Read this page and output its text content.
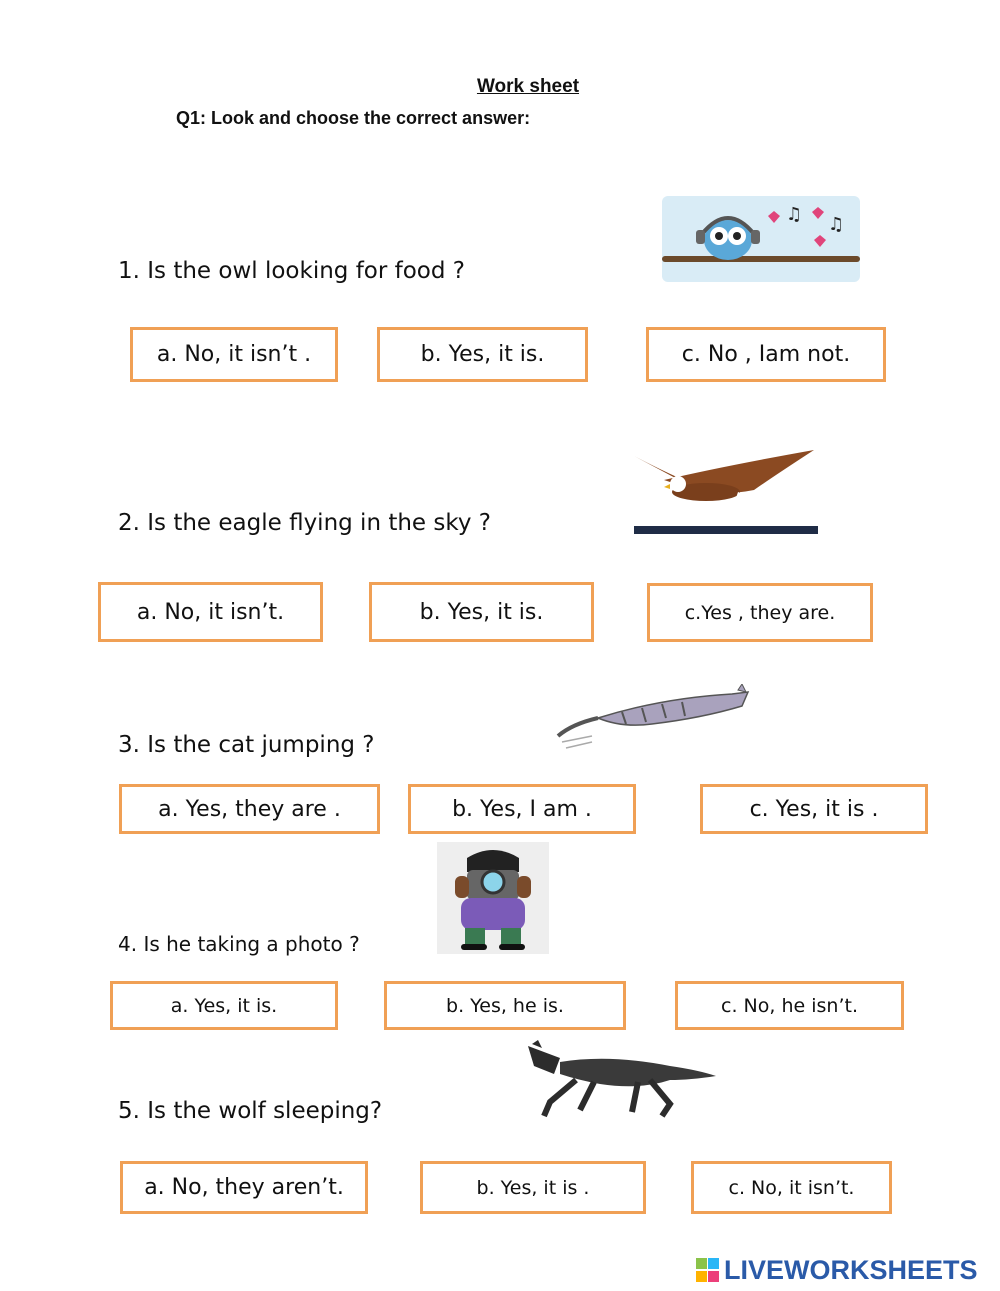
Work sheet
Q1: Look and choose the correct answer:
♫ ♫
1. Is the owl looking for food ?
a. No, it isn’t .	b. Yes, it is.	c. No , Iam not.
2. Is the eagle flying in the sky ?
a. No, it isn’t.	b. Yes, it is.	c.Yes , they are.
3. Is the cat jumping ?
a. Yes, they are .	b. Yes, I am .	c. Yes, it is .
4. Is he taking a photo ?
a. Yes, it is.	b. Yes, he is.	c. No, he isn’t.
5. Is the wolf sleeping?
a. No, they aren’t.	b. Yes, it is .	c. No, it isn’t.
LIVEWORKSHEETS
